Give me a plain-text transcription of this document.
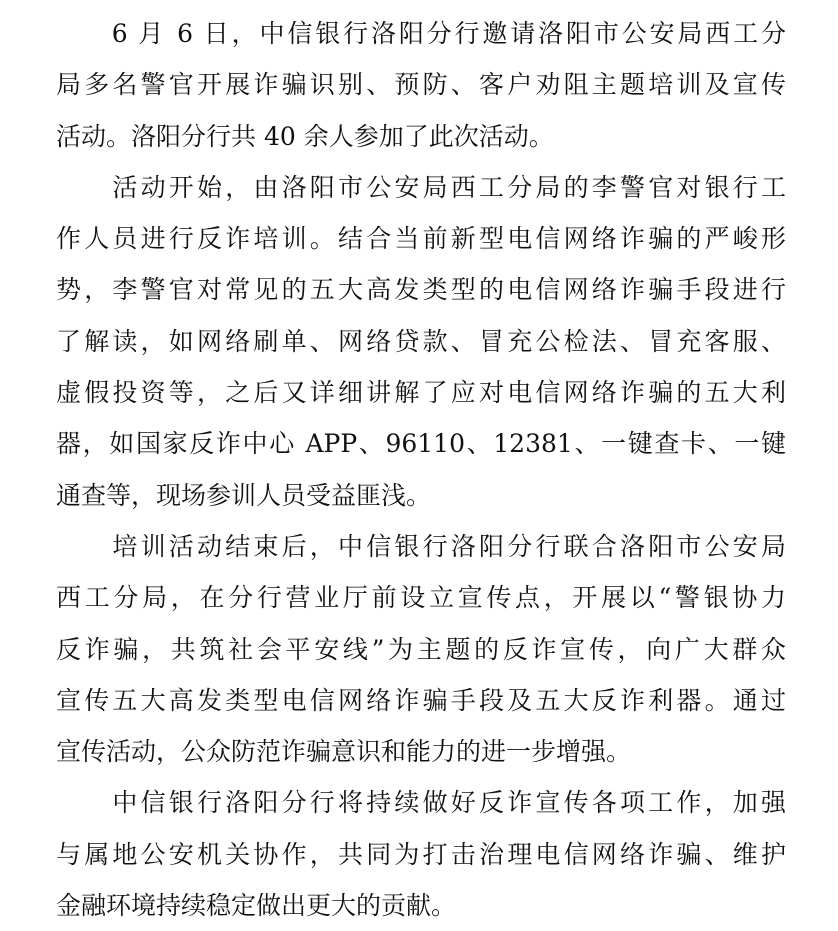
　　6 月 6 日，中信银行洛阳分行邀请洛阳市公安局西工分
局多名警官开展诈骗识别、预防、客户劝阻主题培训及宣传
活动。洛阳分行共 40 余人参加了此次活动。
　　活动开始，由洛阳市公安局西工分局的李警官对银行工
作人员进行反诈培训。结合当前新型电信网络诈骗的严峻形
势，李警官对常见的五大高发类型的电信网络诈骗手段进行
了解读，如网络刷单、网络贷款、冒充公检法、冒充客服、
虚假投资等，之后又详细讲解了应对电信网络诈骗的五大利
器，如国家反诈中心 APP、96110、12381、一键查卡、一键
通查等，现场参训人员受益匪浅。
　　培训活动结束后，中信银行洛阳分行联合洛阳市公安局
西工分局，在分行营业厅前设立宣传点，开展以“警银协力
反诈骗，共筑社会平安线”为主题的反诈宣传，向广大群众
宣传五大高发类型电信网络诈骗手段及五大反诈利器。通过
宣传活动，公众防范诈骗意识和能力的进一步增强。
　　中信银行洛阳分行将持续做好反诈宣传各项工作，加强
与属地公安机关协作，共同为打击治理电信网络诈骗、维护
金融环境持续稳定做出更大的贡献。
